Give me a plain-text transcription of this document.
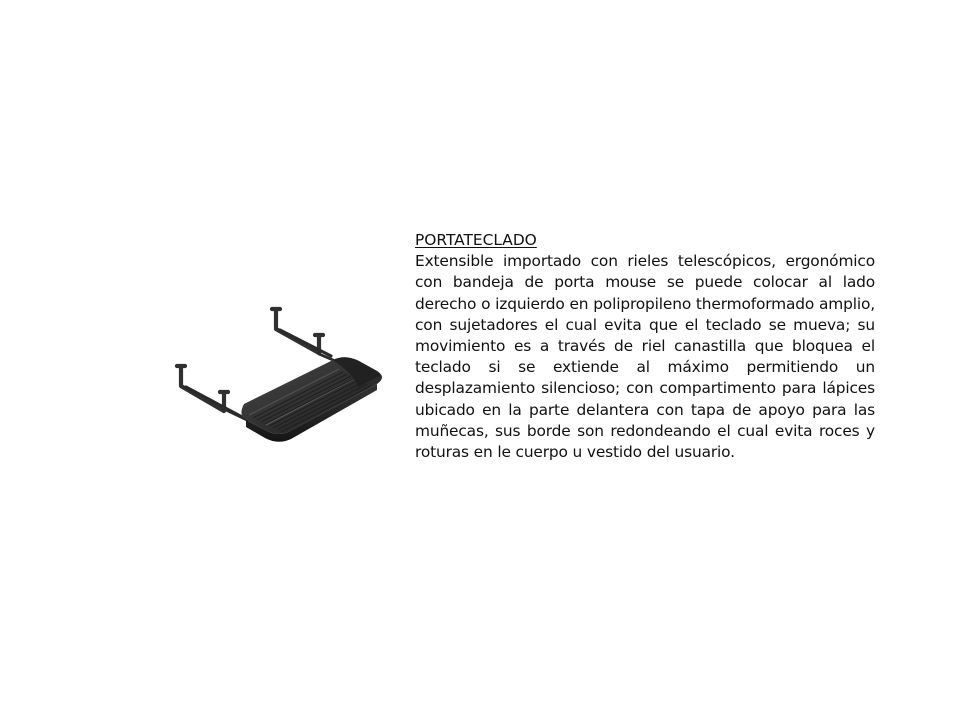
PORTATECLADO

Extensible importado con rieles telescópicos, ergonómico con bandeja de porta mouse se puede colocar al lado derecho o izquierdo en polipropileno thermoformado amplio, con sujetadores el cual evita que el teclado se mueva; su movimiento es a través de riel canastilla que bloquea el teclado si se extiende al máximo permitiendo un desplazamiento silencioso; con compartimento para lápices ubicado en la parte delantera con tapa de apoyo para las muñecas, sus borde son redondeando el cual evita roces y roturas en le cuerpo u vestido del usuario.
